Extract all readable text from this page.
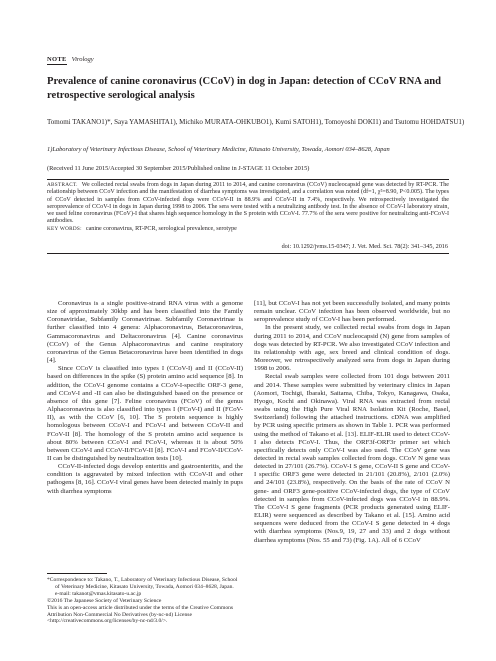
NOTE Virology
Prevalence of canine coronavirus (CCoV) in dog in Japan: detection of CCoV RNA and retrospective serological analysis
Tomomi TAKANO1)*, Saya YAMASHITA1), Michiko MURATA-OHKUBO1), Kumi SATOH1), Tomoyoshi DOKI1) and Tsutomu HOHDATSU1)
1)Laboratory of Veterinary Infectious Disease, School of Veterinary Medicine, Kitasato University, Towada, Aomori 034–8628, Japan
(Received 11 June 2015/Accepted 30 September 2015/Published online in J-STAGE 11 October 2015)

ABSTRACT. We collected rectal swabs from dogs in Japan during 2011 to 2014, and canine coronavirus (CCoV) nucleocapsid gene was detected by RT-PCR. The relationship between CCoV infection and the manifestation of diarrhea symptoms was investigated, and a correlation was noted (df=1, χ²=8.90, P<0.005). The types of CCoV detected in samples from CCoV-infected dogs were CCoV-II in 88.9% and CCoV-II in 7.4%, respectively. We retrospectively investigated the seroprevalence of CCoV-I in dogs in Japan during 1998 to 2006. The sera were tested with a neutralizing antibody test. In the absence of CCoV-I laboratory strain, we used feline coronavirus (FCoV)-I that shares high sequence homology in the S protein with CCoV-I. 77.7% of the sera were positive for neutralizing anti-FCoV-I antibodies.

KEY WORDS: canine coronavirus, RT-PCR, serological prevalence, serotype

doi: 10.1292/jvms.15-0347; J. Vet. Med. Sci. 78(2): 341–345, 2016

Coronavirus is a single positive-strand RNA virus with a genome size of approximately 30kbp and has been classified into the Family Coronaviridae, Subfamily Coronavirinae. Subfamily Coronavirinae is further classified into 4 genera: Alphacoronavirus, Betacoronavirus, Gammacoronavirus and Deltacoronavirus [4]. Canine coronavirus (CCoV) of the Genus Alphacoronavirus and canine respiratory coronavirus of the Genus Betacoronavirus have been identified in dogs [4].

Since CCoV is classified into types I (CCoV-I) and II (CCoV-II) based on differences in the spike (S) protein amino acid sequence [8]. In addition, the CCoV-I genome contains a CCoV-I-specific ORF-3 gene, and CCoV-I and -II can also be distinguished based on the presence or absence of this gene [7]. Feline coronavirus (FCoV) of the genus Alphacoronavirus is also classified into types I (FCoV-I) and II (FCoV-II), as with the CCoV [6, 10]. The S protein sequence is highly homologous between CCoV-I and FCoV-I and between CCoV-II and FCoV-II [8]. The homology of the S protein amino acid sequence is about 80% between CCoV-I and FCoV-I, whereas it is about 50% between CCoV-I and CCoV-II/FCoV-II [8]. FCoV-I and FCoV-II/CCoV-II can be distinguished by neutralization tests [10].

CCoV-II-infected dogs develop enteritis and gastroenteritis, and the condition is aggravated by mixed infection with CCoV-II and other pathogens [8, 16]. CCoV-I viral genes have been detected mainly in pups with diarrhea symptoms

[11], but CCoV-I has not yet been successfully isolated, and many points remain unclear. CCoV infection has been observed worldwide, but no seroprevalence study of CCoV-I has been performed.

In the present study, we collected rectal swabs from dogs in Japan during 2011 to 2014, and CCoV nucleocapsid (N) gene from samples of dogs was detected by RT-PCR. We also investigated CCoV infection and its relationship with age, sex breed and clinical condition of dogs. Moreover, we retrospectively analyzed sera from dogs in Japan during 1998 to 2006.

Rectal swab samples were collected from 101 dogs between 2011 and 2014. These samples were submitted by veterinary clinics in Japan (Aomori, Tochigi, Ibaraki, Saitama, Chiba, Tokyo, Kanagawa, Osaka, Hyogo, Kochi and Okinawa). Viral RNA was extracted from rectal swabs using the High Pure Viral RNA Isolation Kit (Roche, Basel, Switzerland) following the attached instructions. cDNA was amplified by PCR using specific primers as shown in Table 1. PCR was performed using the method of Takano et al. [13]. ELIF-ELIR used to detect CCoV-I also detects FCoV-I. Thus, the ORF3f-ORF3r primer set which specifically detects only CCoV-I was also used. The CCoV gene was detected in rectal swab samples collected from dogs. CCoV N gene was detected in 27/101 (26.7%). CCoV-I S gene, CCoV-II S gene and CCoV-I specific ORF3 gene were detected in 21/101 (20.8%), 2/101 (2.0%) and 24/101 (23.8%), respectively. On the basis of the rate of CCoV N gene- and ORF3 gene-positive CCoV-infected dogs, the type of CCoV detected in samples from CCoV-infected dogs was CCoV-I in 88.9%. The CCoV-I S gene fragments (PCR products generated using ELIF-ELIR) were sequenced as described by Takano et al. [15]. Amino acid sequences were deduced from the CCoV-I S gene detected in 4 dogs with diarrhea symptoms (Nos.9, 19, 27 and 33) and 2 dogs without diarrhea symptoms (Nos. 55 and 73) (Fig. 1A). All of 6 CCoV

*Correspondence to: Takano, T., Laboratory of Veterinary Infectious Disease, School of Veterinary Medicine, Kitasato University, Towada, Aomori 034–8628, Japan.

e-mail: takanot@vmas.kitasato-u.ac.jp

©2016 The Japanese Society of Veterinary Science

This is an open-access article distributed under the terms of the Creative Commons Attribution Non-Commercial No Derivatives (by-nc-nd) License <http://creativecommons.org/licenses/by-nc-nd/3.0/>.
